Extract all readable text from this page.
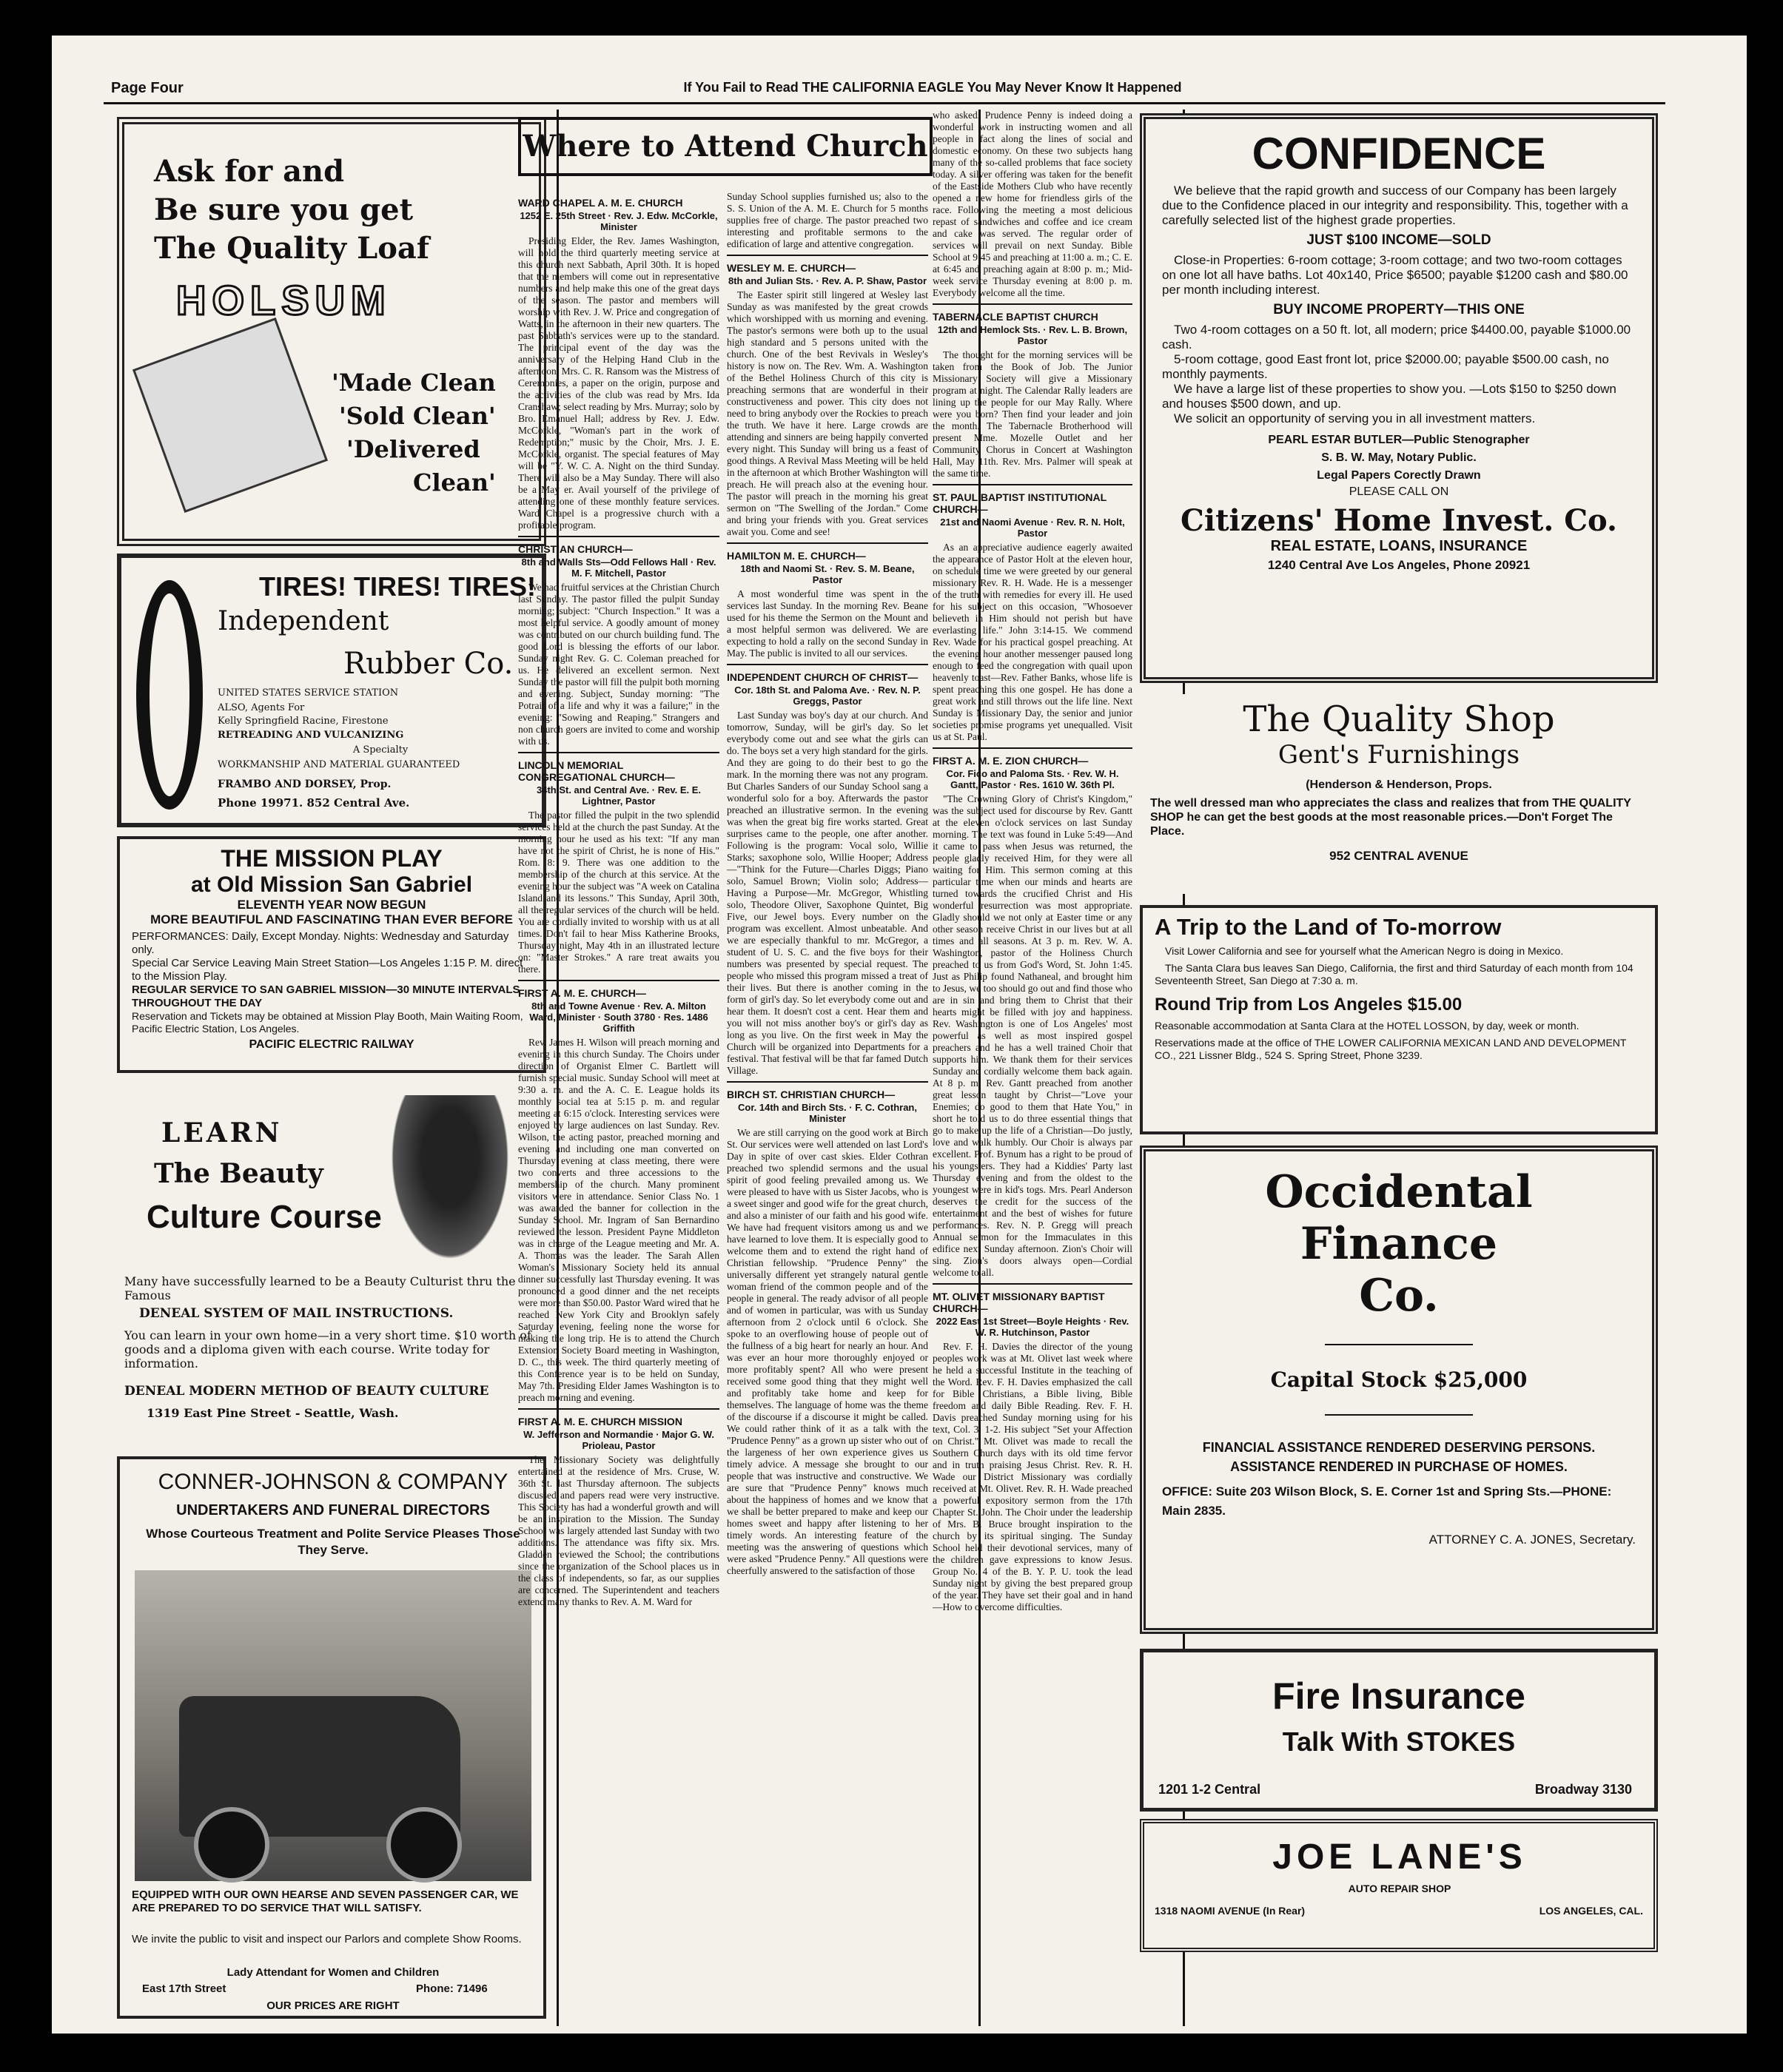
Page Four	If You Fail to Read THE CALIFORNIA EAGLE You May Never Know It Happened
Ask for and
Be sure you get
The Quality Loaf
HOLSUM
'Made Clean
'Sold Clean'
'Delivered
Clean'
TIRES! TIRES! TIRES!
Independent
Rubber Co.
UNITED STATES SERVICE STATION
ALSO, Agents For
Kelly Springfield Racine, Firestone
RETREADING AND VULCANIZING
A Specialty
WORKMANSHIP AND MATERIAL GUARANTEED
FRAMBO AND DORSEY, Prop.
Phone 19971. 852 Central Ave.
THE MISSION PLAY
at Old Mission San Gabriel
ELEVENTH YEAR NOW BEGUN
MORE BEAUTIFUL AND FASCINATING THAN EVER BEFORE
PERFORMANCES: Daily, Except Monday. Nights: Wednesday and Saturday only.
Special Car Service Leaving Main Street Station—Los Angeles 1:15 P. M. direct to the Mission Play.
REGULAR SERVICE TO SAN GABRIEL MISSION—30 MINUTE INTERVALS THROUGHOUT THE DAY
Reservation and Tickets may be obtained at Mission Play Booth, Main Waiting Room, Pacific Electric Station, Los Angeles.
PACIFIC ELECTRIC RAILWAY
LEARN
The Beauty
Culture Course
Many have successfully learned to be a Beauty Culturist thru the Famous
DENEAL SYSTEM OF MAIL INSTRUCTIONS.
You can learn in your own home—in a very short time. $10 worth of goods and a diploma given with each course. Write today for information.
DENEAL MODERN METHOD OF BEAUTY CULTURE
1319 East Pine Street - Seattle, Wash.
CONNER-JOHNSON & COMPANY
UNDERTAKERS AND FUNERAL DIRECTORS
Whose Courteous Treatment and Polite Service Pleases Those They Serve.
EQUIPPED WITH OUR OWN HEARSE AND SEVEN PASSENGER CAR, WE ARE PREPARED TO DO SERVICE THAT WILL SATISFY.
We invite the public to visit and inspect our Parlors and complete Show Rooms.
Lady Attendant for Women and Children
East 17th Street	Phone: 71496
OUR PRICES ARE RIGHT
Where to Attend Church
WARD CHAPEL A. M. E. CHURCH
1252 E. 25th Street · Rev. J. Edw. McCorkle, Minister

Presiding Elder, the Rev. James Washington, will hold the third quarterly meeting service at this church next Sabbath, April 30th. It is hoped that the members will come out in representative numbers and help make this one of the great days of the season. The pastor and members will worship with Rev. J. W. Price and congregation of Watts, in the afternoon in their new quarters. The past Sabbath's services were up to the standard. The principal event of the day was the anniversary of the Helping Hand Club in the afternoon. Mrs. C. R. Ransom was the Mistress of Ceremonies, a paper on the origin, purpose and the activities of the club was read by Mrs. Ida Cranshaw; select reading by Mrs. Murray; solo by Bro. Emanuel Hall; address by Rev. J. Edw. McCorkle, "Woman's part in the work of Redemption;" music by the Choir, Mrs. J. E. McCorkle, organist. The special features of May will be "Y. W. C. A. Night on the third Sunday. There will also be a May Sunday. There will also be a May er. Avail yourself of the privilege of attending one of these monthly feature services. Ward Chapel is a progressive church with a profitable program.

CHRISTIAN CHURCH—
8th and Walls Sts—Odd Fellows Hall · Rev. M. F. Mitchell, Pastor

We had fruitful services at the Christian Church last Sunday. The pastor filled the pulpit Sunday morning; subject: "Church Inspection." It was a most helpful service. A goodly amount of money was contributed on our church building fund. The good Lord is blessing the efforts of our labor. Sunday night Rev. G. C. Coleman preached for us. He delivered an excellent sermon. Next Sunday the pastor will fill the pulpit both morning and evening. Subject, Sunday morning: "The Potrait of a life and why it was a failure;" in the evening: "Sowing and Reaping." Strangers and non church goers are invited to come and worship with us.

LINCOLN MEMORIAL CONGREGATIONAL CHURCH—
34th St. and Central Ave. · Rev. E. E. Lightner, Pastor

The pastor filled the pulpit in the two splendid services held at the church the past Sunday. At the morning hour he used as his text: "If any man have not the spirit of Christ, he is none of His." Rom. 8: 9. There was one addition to the membership of the church at this service. At the evening hour the subject was "A week on Catalina Island and its lessons." This Sunday, April 30th, all the regular services of the church will be held. You are cordially invited to worship with us at all times. Don't fail to hear Miss Katherine Brooks, Thursday night, May 4th in an illustrated lecture on: "Master Strokes." A rare treat awaits you there.

FIRST A. M. E. CHURCH—
8th and Towne Avenue · Rev. A. Milton Ward, Minister · South 3780 · Res. 1486 Griffith

Rev. James H. Wilson will preach morning and evening in this church Sunday. The Choirs under direction of Organist Elmer C. Bartlett will furnish special music. Sunday School will meet at 9:30 a. m. and the A. C. E. League holds its monthly social tea at 5:15 p. m. and regular meeting at 6:15 o'clock. Interesting services were enjoyed by large audiences on last Sunday. Rev. Wilson, the acting pastor, preached morning and evening and including one man converted on Thursday evening at class meeting, there were two converts and three accessions to the membership of the church. Many prominent visitors were in attendance. Senior Class No. 1 was awarded the banner for collection in the Sunday School. Mr. Ingram of San Bernardino reviewed the lesson. President Payne Middleton was in charge of the League meeting and Mr. A. A. Thomas was the leader. The Sarah Allen Woman's Missionary Society held its annual dinner successfully last Thursday evening. It was pronounced a good dinner and the net receipts were more than $50.00. Pastor Ward wired that he reached New York City and Brooklyn safely Saturday evening, feeling none the worse for making the long trip. He is to attend the Church Extension Society Board meeting in Washington, D. C., this week. The third quarterly meeting of this Conference year is to be held on Sunday, May 7th. Presiding Elder James Washington is to preach morning and evening.

FIRST A. M. E. CHURCH MISSION
W. Jefferson and Normandie · Major G. W. Prioleau, Pastor

The Missionary Society was delightfully entertained at the residence of Mrs. Cruse, W. 36th St. last Thursday afternoon. The subjects discussed and papers read were very instructive. This Society has had a wonderful growth and will be an inspiration to the Mission. The Sunday School was largely attended last Sunday with two additions. The attendance was fifty six. Mrs. Gladden reviewed the School; the contributions since the organization of the School places us in the class of independents, so far, as our supplies are concerned. The Superintendent and teachers extend many thanks to Rev. A. M. Ward for

Sunday School supplies furnished us; also to the S. S. Union of the A. M. E. Church for 5 months supplies free of charge. The pastor preached two interesting and profitable sermons to the edification of large and attentive congregation.

WESLEY M. E. CHURCH—
8th and Julian Sts. · Rev. A. P. Shaw, Pastor

The Easter spirit still lingered at Wesley last Sunday as was manifested by the great crowds which worshipped with us morning and evening. The pastor's sermons were both up to the usual high standard and 5 persons united with the church. One of the best Revivals in Wesley's history is now on. The Rev. Wm. A. Washington of the Bethel Holiness Church of this city is preaching sermons that are wonderful in their constructiveness and power. This city does not need to bring anybody over the Rockies to preach the truth. We have it here. Large crowds are attending and sinners are being happily converted every night. This Sunday will bring us a feast of good things. A Revival Mass Meeting will be held in the afternoon at which Brother Washington will preach. He will preach also at the evening hour. The pastor will preach in the morning his great sermon on "The Swelling of the Jordan." Come and bring your friends with you. Great services await you. Come and see!

HAMILTON M. E. CHURCH—
18th and Naomi St. · Rev. S. M. Beane, Pastor

A most wonderful time was spent in the services last Sunday. In the morning Rev. Beane used for his theme the Sermon on the Mount and a most helpful sermon was delivered. We are expecting to hold a rally on the second Sunday in May. The public is invited to all our services.

INDEPENDENT CHURCH OF CHRIST—
Cor. 18th St. and Paloma Ave. · Rev. N. P. Greggs, Pastor

Last Sunday was boy's day at our church. And tomorrow, Sunday, will be girl's day. So let everybody come out and see what the girls can do. The boys set a very high standard for the girls. And they are going to do their best to go the mark. In the morning there was not any program. But Charles Sanders of our Sunday School sang a wonderful solo for a boy. Afterwards the pastor preached an illustrative sermon. In the evening was when the great big fire works started. Great surprises came to the people, one after another. Following is the program: Vocal solo, Willie Starks; saxophone solo, Willie Hooper; Address—"Think for the Future—Charles Diggs; Piano solo, Samuel Brown; Violin solo; Address—Having a Purpose—Mr. McGregor, Whistling solo, Theodore Oliver, Saxophone Quintet, Big Five, our Jewel boys. Every number on the program was excellent. Almost unbeatable. And we are especially thankful to mr. McGregor, a student of U. S. C. and the five boys for their numbers was presented by special request. The people who missed this program missed a treat of their lives. But there is another coming in the form of girl's day. So let everybody come out and hear them. It doesn't cost a cent. Hear them and you will not miss another boy's or girl's day as long as you live. On the first week in May the Church will be organized into Departments for a festival. That festival will be that far famed Dutch Village.

BIRCH ST. CHRISTIAN CHURCH—
Cor. 14th and Birch Sts. · F. C. Cothran, Minister

We are still carrying on the good work at Birch St. Our services were well attended on last Lord's Day in spite of over cast skies. Elder Cothran preached two splendid sermons and the usual spirit of good feeling prevailed among us. We were pleased to have with us Sister Jacobs, who is a sweet singer and good wife for the great church, and also a minister of our faith and his good wife. We have had frequent visitors among us and we have learned to love them. It is especially good to welcome them and to extend the right hand of Christian fellowship. "Prudence Penny" the universally different yet strangely natural gentle woman friend of the common people and of the people in general. The ready advisor of all people and of women in particular, was with us Sunday afternoon from 2 o'clock until 6 o'clock. She spoke to an overflowing house of people out of the fullness of a big heart for nearly an hour. And was ever an hour more thoroughly enjoyed or more profitably spent? All who were present received some good thing that they might well and profitably take home and keep for themselves. The language of home was the theme of the discourse if a discourse it might be called. We could rather think of it as a talk with the "Prudence Penny" as a grown up sister who out of the largeness of her own experience gives us timely advice. A message she brought to our people that was instructive and constructive. We are sure that "Prudence Penny" knows much about the happiness of homes and we know that we shall be better prepared to make and keep our homes sweet and happy after listening to her timely words. An interesting feature of the meeting was the answering of questions which were asked "Prudence Penny." All questions were cheerfully answered to the satisfaction of those

who asked. Prudence Penny is indeed doing a wonderful work in instructing women and all people in fact along the lines of social and domestic economy. On these two subjects hang many of the so-called problems that face society today. A silver offering was taken for the benefit of the Eastside Mothers Club who have recently opened a new home for friendless girls of the race. Following the meeting a most delicious repast of sandwiches and coffee and ice cream and cake was served. The regular order of services will prevail on next Sunday. Bible School at 9:45 and preaching at 11:00 a. m.; C. E. at 6:45 and preaching again at 8:00 p. m.; Mid-week service Thursday evening at 8:00 p. m. Everybody welcome all the time.

TABERNACLE BAPTIST CHURCH
12th and Hemlock Sts. · Rev. L. B. Brown, Pastor

The thought for the morning services will be taken from the Book of Job. The Junior Missionary Society will give a Missionary program at night. The Calendar Rally leaders are lining up the people for our May Rally. Where were you born? Then find your leader and join the month. The Tabernacle Brotherhood will present Mme. Mozelle Outlet and her Community Chorus in Concert at Washington Hall, May 11th. Rev. Mrs. Palmer will speak at the same time.

ST. PAUL BAPTIST INSTITUTIONAL CHURCH—
21st and Naomi Avenue · Rev. R. N. Holt, Pastor

As an appreciative audience eagerly awaited the appearance of Pastor Holt at the eleven hour, on schedule time we were greeted by our general missionary Rev. R. H. Wade. He is a messenger of the truth with remedies for every ill. He used for his subject on this occasion, "Whosoever believeth in Him should not perish but have everlasting life." John 3:14-15. We commend Rev. Wade for his practical gospel preaching. At the evening hour another messenger paused long enough to feed the congregation with quail upon heavenly toast—Rev. Father Banks, whose life is spent preaching this one gospel. He has done a great work and still throws out the life line. Next Sunday is Missionary Day, the senior and junior societies promise programs yet unequalled. Visit us at St. Paul.

FIRST A. M. E. ZION CHURCH—
Cor. Fico and Paloma Sts. · Rev. W. H. Gantt, Pastor · Res. 1610 W. 36th Pl.

"The Crowning Glory of Christ's Kingdom," was the subject used for discourse by Rev. Gantt at the eleven o'clock services on last Sunday morning. The text was found in Luke 5:49—And it came to pass when Jesus was returned, the people gladly received Him, for they were all waiting for Him. This sermon coming at this particular time when our minds and hearts are turned towards the crucified Christ and His wonderful resurrection was most appropriate. Gladly should we not only at Easter time or any other season receive Christ in our lives but at all times and all seasons. At 3 p. m. Rev. W. A. Washington, pastor of the Holiness Church preached to us from God's Word, St. John 1:45. Just as Philip found Nathaneal, and brought him to Jesus, we too should go out and find those who are in sin and bring them to Christ that their hearts might be filled with joy and happiness. Rev. Washington is one of Los Angeles' most powerful as well as most inspired gospel preachers and he has a well trained Choir that supports him. We thank them for their services Sunday and cordially welcome them back again. At 8 p. m. Rev. Gantt preached from another great lesson taught by Christ—"Love your Enemies; do good to them that Hate You," in short he told us to do three essential things that go to make up the life of a Christian—Do justly, love and walk humbly. Our Choir is always par excellent. Prof. Bynum has a right to be proud of his youngsters. They had a Kiddies' Party last Thursday evening and from the oldest to the youngest were in kid's togs. Mrs. Pearl Anderson deserves the credit for the success of the entertainment and the best of wishes for future performances. Rev. N. P. Gregg will preach Annual sermon for the Immaculates in this edifice next Sunday afternoon. Zion's Choir will sing. Zion's doors always open—Cordial welcome to all.

MT. OLIVET MISSIONARY BAPTIST CHURCH—
2022 East 1st Street—Boyle Heights · Rev. W. R. Hutchinson, Pastor

Rev. F. H. Davies the director of the young peoples work was at Mt. Olivet last week where he held a successful Institute in the teaching of the Word. Rev. F. H. Davies emphasized the call for Bible Christians, a Bible living, Bible freedom and daily Bible Reading. Rev. F. H. Davis preached Sunday morning using for his text, Col. 3: 1-2. His subject "Set your Affection on Christ." Mt. Olivet was made to recall the Southern Church days with its old time fervor and in truth praising Jesus Christ. Rev. R. H. Wade our District Missionary was cordially received at Mt. Olivet. Rev. R. H. Wade preached a powerful expository sermon from the 17th Chapter St. John. The Choir under the leadership of Mrs. B. Bruce brought inspiration to the church by its spiritual singing. The Sunday School held their devotional services, many of the children gave expressions to know Jesus. Group No. 4 of the B. Y. P. U. took the lead Sunday night by giving the best prepared group of the year. They have set their goal and in hand—How to overcome difficulties.

CONFIDENCE
We believe that the rapid growth and success of our Company has been largely due to the Confidence placed in our integrity and responsibility. This, together with a carefully selected list of the highest grade properties.
JUST $100 INCOME—SOLD
Close-in Properties: 6-room cottage; 3-room cottage; and two two-room cottages on one lot all have baths. Lot 40x140, Price $6500; payable $1200 cash and $80.00 per month including interest.
BUY INCOME PROPERTY—THIS ONE
Two 4-room cottages on a 50 ft. lot, all modern; price $4400.00, payable $1000.00 cash.
5-room cottage, good East front lot, price $2000.00; payable $500.00 cash, no monthly payments.
We have a large list of these properties to show you. —Lots $150 to $250 down and houses $500 down, and up.
We solicit an opportunity of serving you in all investment matters.
PEARL ESTAR BUTLER—Public Stenographer
S. B. W. May, Notary Public.
Legal Papers Corectly Drawn
PLEASE CALL ON
Citizens' Home Invest. Co.
REAL ESTATE, LOANS, INSURANCE
1240 Central Ave Los Angeles, Phone 20921
The Quality Shop
Gent's Furnishings
(Henderson & Henderson, Props.
The well dressed man who appreciates the class and realizes that from THE QUALITY SHOP he can get the best goods at the most reasonable prices.—Don't Forget The Place.
952 CENTRAL AVENUE
A Trip to the Land of To-morrow
Visit Lower California and see for yourself what the American Negro is doing in Mexico.
The Santa Clara bus leaves San Diego, California, the first and third Saturday of each month from 104 Seventeenth Street, San Diego at 7:30 a. m.
Round Trip from Los Angeles $15.00
Reasonable accommodation at Santa Clara at the HOTEL LOSSON, by day, week or month.
Reservations made at the office of THE LOWER CALIFORNIA MEXICAN LAND AND DEVELOPMENT CO., 221 Lissner Bldg., 524 S. Spring Street, Phone 3239.
Occidental
Finance
Co.
Capital Stock $25,000
FINANCIAL ASSISTANCE RENDERED DESERVING PERSONS. ASSISTANCE RENDERED IN PURCHASE OF HOMES.
OFFICE: Suite 203 Wilson Block, S. E. Corner 1st and Spring Sts.—PHONE: Main 2835.
ATTORNEY C. A. JONES, Secretary.
Fire Insurance
Talk With STOKES
1201 1-2 Central	Broadway 3130
JOE LANE'S
AUTO REPAIR SHOP
1318 NAOMI AVENUE (In Rear)	LOS ANGELES, CAL.
